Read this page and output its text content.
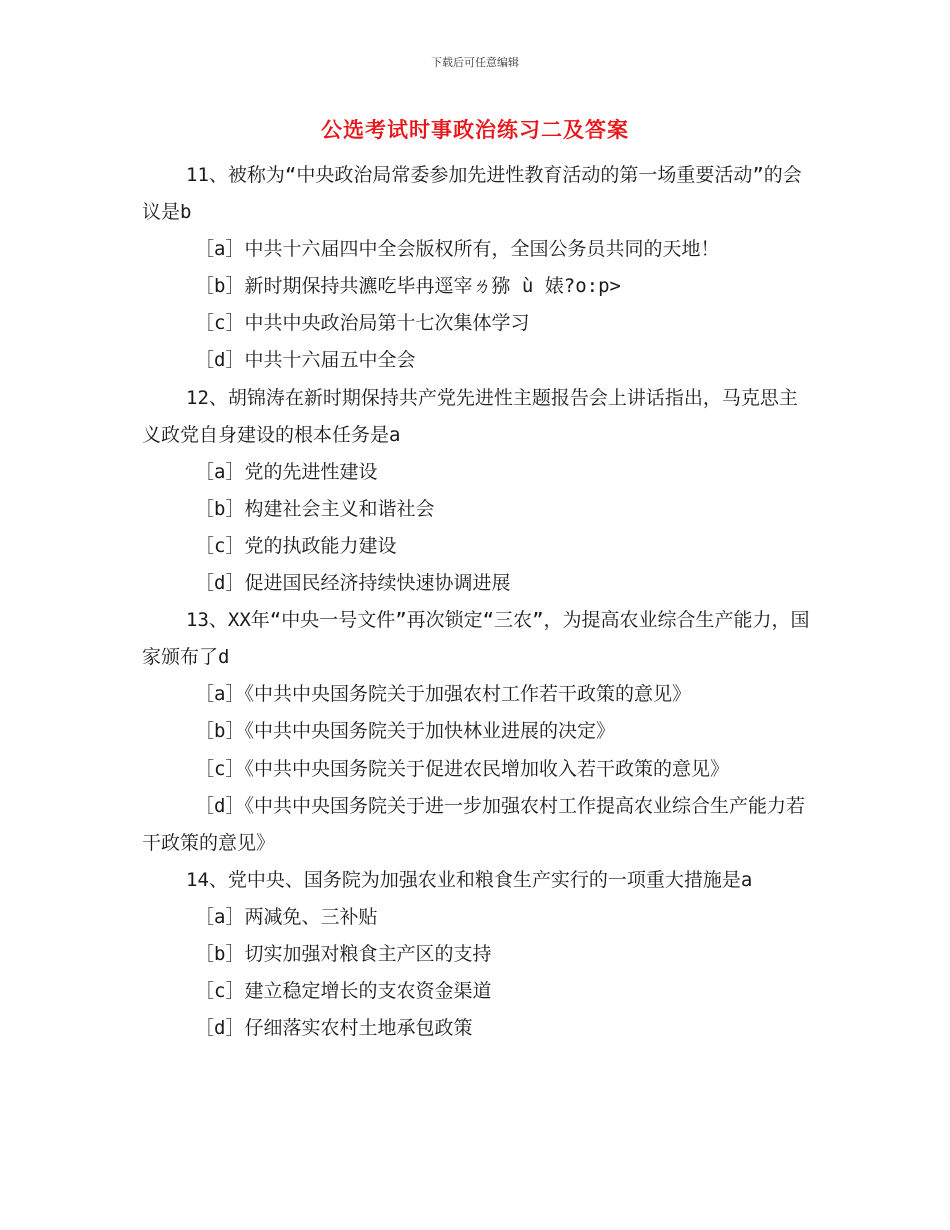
下载后可任意编辑
公选考试时事政治练习二及答案

11、被称为“中央政治局常委参加先进性教育活动的第一场重要活动”的会议是b

［a］中共十六届四中全会版权所有，全国公务员共同的天地！

［b］新时期保持共瀌吃毕冉逕宰ㄌ猕 ù 婊?o:p>

［c］中共中央政治局第十七次集体学习

［d］中共十六届五中全会

12、胡锦涛在新时期保持共产党先进性主题报告会上讲话指出，马克思主义政党自身建设的根本任务是a

［a］党的先进性建设

［b］构建社会主义和谐社会

［c］党的执政能力建设

［d］促进国民经济持续快速协调进展

13、XX年“中央一号文件”再次锁定“三农”，为提高农业综合生产能力，国家颁布了d

［a］《中共中央国务院关于加强农村工作若干政策的意见》

［b］《中共中央国务院关于加快林业进展的决定》

［c］《中共中央国务院关于促进农民增加收入若干政策的意见》

［d］《中共中央国务院关于进一步加强农村工作提高农业综合生产能力若干政策的意见》

14、党中央、国务院为加强农业和粮食生产实行的一项重大措施是a

［a］两减免、三补贴

［b］切实加强对粮食主产区的支持

［c］建立稳定增长的支农资金渠道

［d］仔细落实农村土地承包政策
